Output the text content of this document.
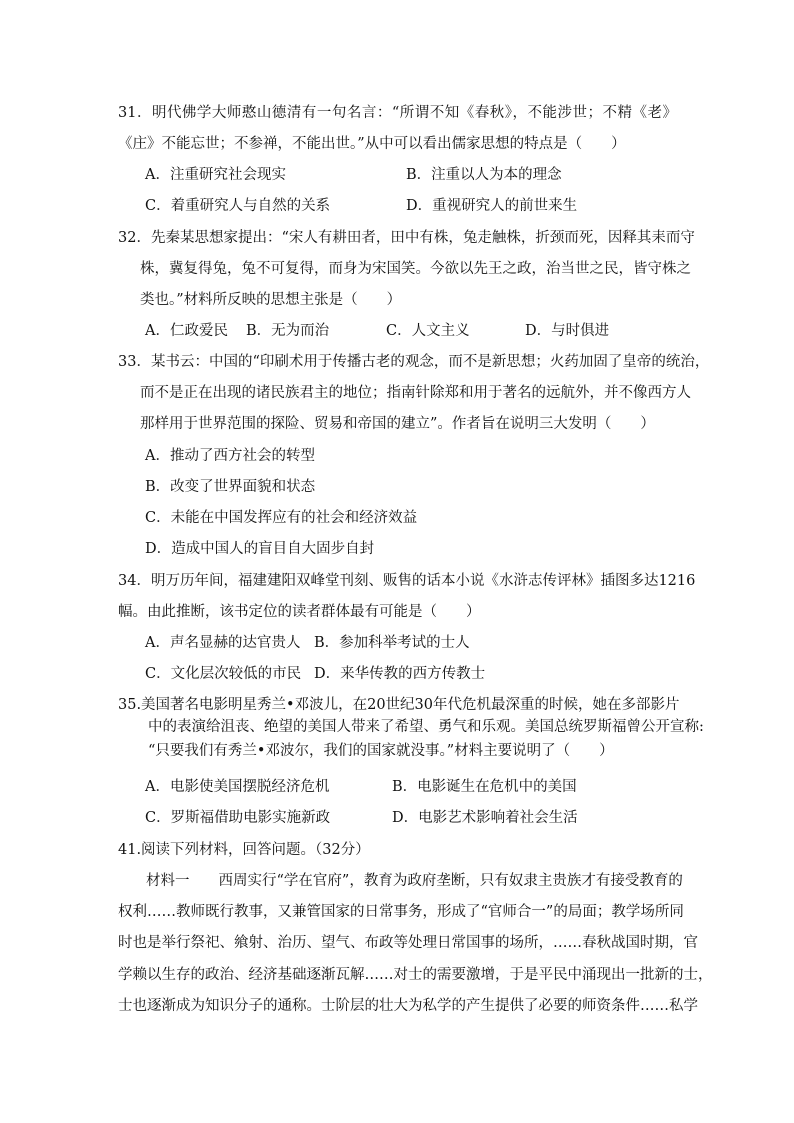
31．明代佛学大师憨山德清有一句名言：“所谓不知《春秋》，不能涉世；不精《老》
《庄》不能忘世；不参禅，不能出世。”从中可以看出儒家思想的特点是（　　）
A．注重研究社会现实	B．注重以人为本的理念
C．着重研究人与自然的关系	D．重视研究人的前世来生
32．先秦某思想家提出：“宋人有耕田者，田中有株，兔走触株，折颈而死，因释其耒而守
株，冀复得兔，兔不可复得，而身为宋国笑。今欲以先王之政，治当世之民，皆守株之
类也。”材料所反映的思想主张是（　　）
A．仁政爱民 B．无为而治	C．人文主义	D．与时俱进
33．某书云：中国的“印刷术用于传播古老的观念，而不是新思想；火药加固了皇帝的统治，
而不是正在出现的诸民族君主的地位；指南针除郑和用于著名的远航外，并不像西方人
那样用于世界范围的探险、贸易和帝国的建立”。作者旨在说明三大发明（　　）
A．推动了西方社会的转型
B．改变了世界面貌和状态
C．未能在中国发挥应有的社会和经济效益
D．造成中国人的盲目自大固步自封
34．明万历年间，福建建阳双峰堂刊刻、贩售的话本小说《水浒志传评林》插图多达1216
幅。由此推断，该书定位的读者群体最有可能是（　　）
A．声名显赫的达官贵人 B．参加科举考试的士人
C．文化层次较低的市民 D．来华传教的西方传教士
35.美国著名电影明星秀兰•邓波儿，在20世纪30年代危机最深重的时候，她在多部影片
中的表演给沮丧、绝望的美国人带来了希望、勇气和乐观。美国总统罗斯福曾公开宣称:
“只要我们有秀兰•邓波尔，我们的国家就没事。”材料主要说明了（　　）
A．电影使美国摆脱经济危机	B．电影诞生在危机中的美国
C．罗斯福借助电影实施新政	D．电影艺术影响着社会生活
41.阅读下列材料，回答问题。（32分）
材料一　　西周实行“学在官府”，教育为政府垄断，只有奴隶主贵族才有接受教育的
权利……教师既行教事，又兼管国家的日常事务，形成了“官师合一”的局面；教学场所同
时也是举行祭祀、飨射、治历、望气、布政等处理日常国事的场所，……春秋战国时期，官
学赖以生存的政治、经济基础逐渐瓦解……对士的需要激增，于是平民中涌现出一批新的士，
士也逐渐成为知识分子的通称。士阶层的壮大为私学的产生提供了必要的师资条件……私学
